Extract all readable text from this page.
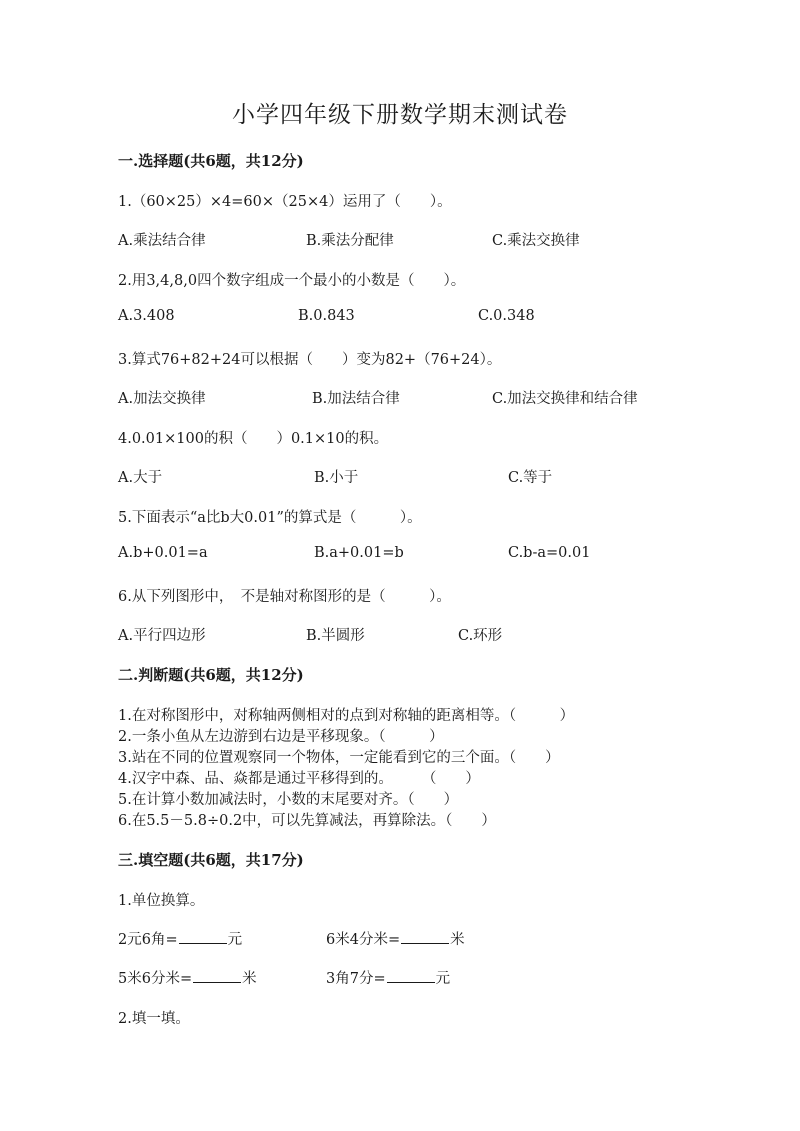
小学四年级下册数学期末测试卷
一.选择题(共6题，共12分)
1.（60×25）×4=60×（25×4）运用了（　　）。
A.乘法结合律	B.乘法分配律	C.乘法交换律
2.用3,4,8,0四个数字组成一个最小的小数是（　　）。
A.3.408	B.0.843	C.0.348
3.算式76+82+24可以根据（　　）变为82+（76+24）。
A.加法交换律	B.加法结合律	C.加法交换律和结合律
4.0.01×100的积（　　）0.1×10的积。
A.大于	B.小于	C.等于
5.下面表示“a比b大0.01”的算式是（　　　）。
A.b+0.01=a	B.a+0.01=b	C.b-a=0.01
6.从下列图形中，　不是轴对称图形的是（　　　）。
A.平行四边形	B.半圆形	C.环形
二.判断题(共6题，共12分)
1.在对称图形中，对称轴两侧相对的点到对称轴的距离相等。（　　　）
2.一条小鱼从左边游到右边是平移现象。（　　　）
3.站在不同的位置观察同一个物体，一定能看到它的三个面。（　　）
4.汉字中森、品、焱都是通过平移得到的。　　　（　　）
5.在计算小数加减法时，小数的末尾要对齐。（　　）
6.在5.5－5.8÷0.2中，可以先算减法，再算除法。（　　）
三.填空题(共6题，共17分)
1.单位换算。
2元6角=	元	6米4分米=	米
5米6分米=	米	3角7分=	元
2.填一填。
